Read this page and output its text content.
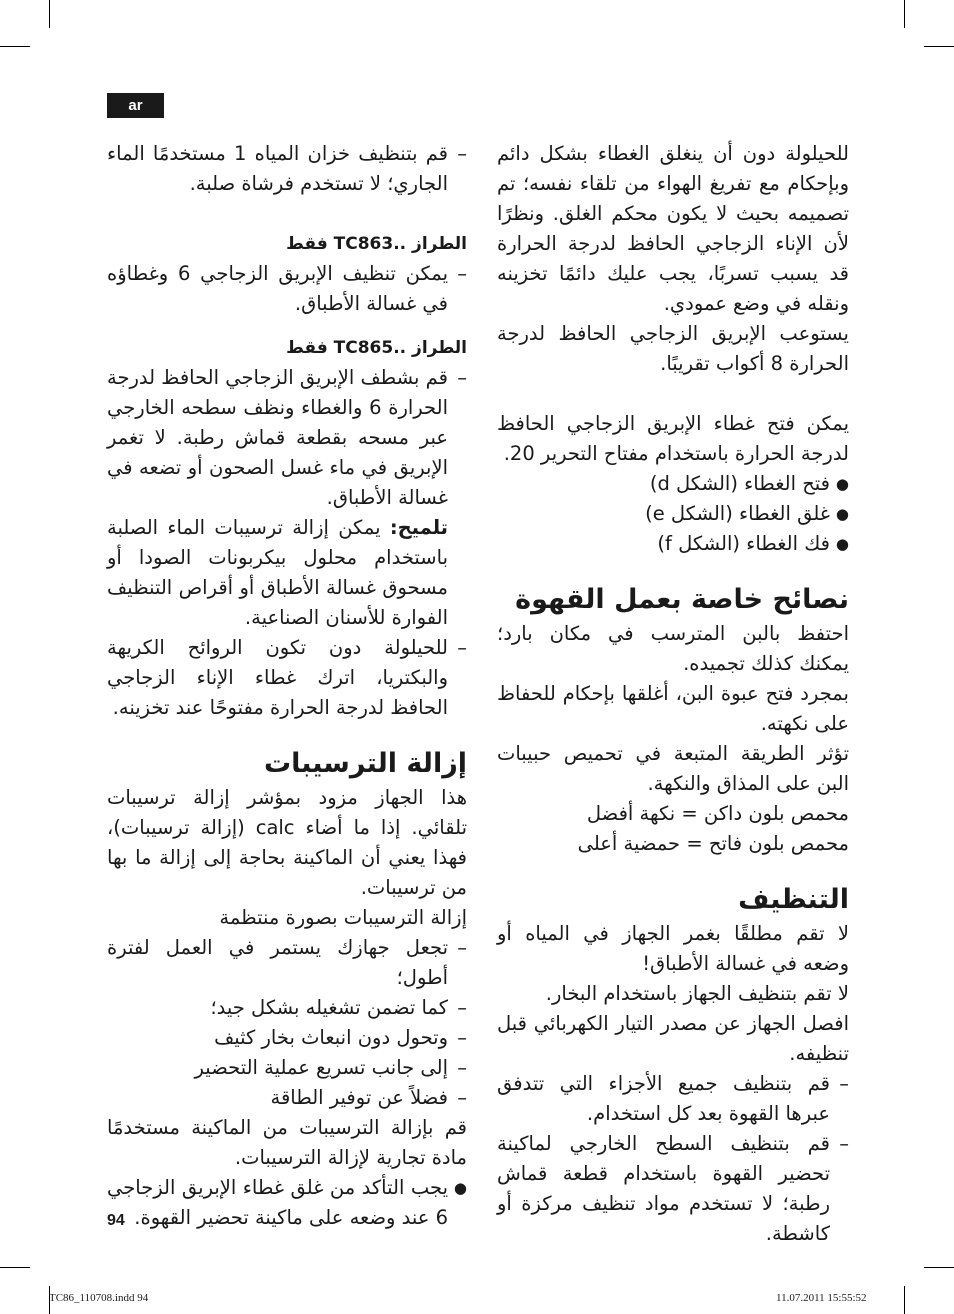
ar

للحيلولة دون أن ينغلق الغطاء بشكل دائم وبإحكام مع تفريغ الهواء من تلقاء نفسه؛ تم تصميمه بحيث لا يكون محكم الغلق. ونظرًا لأن الإناء الزجاجي الحافظ لدرجة الحرارة قد يسبب تسربًا، يجب عليك دائمًا تخزينه ونقله في وضع عمودي.

يستوعب الإبريق الزجاجي الحافظ لدرجة الحرارة 8 أكواب تقريبًا.

يمكن فتح غطاء الإبريق الزجاجي الحافظ لدرجة الحرارة باستخدام مفتاح التحرير 20.

●
فتح الغطاء (الشكل d)
●
غلق الغطاء (الشكل e)
●
فك الغطاء (الشكل f)
نصائح خاصة بعمل القهوة

احتفظ بالبن المترسب في مكان بارد؛ يمكنك كذلك تجميده.

بمجرد فتح عبوة البن، أغلقها بإحكام للحفاظ على نكهته.

تؤثر الطريقة المتبعة في تحميص حبيبات البن على المذاق والنكهة.

محمص بلون داكن = نكهة أفضل

محمص بلون فاتح = حمضية أعلى

التنظيف

لا تقم مطلقًا بغمر الجهاز في المياه أو وضعه في غسالة الأطباق!

لا تقم بتنظيف الجهاز باستخدام البخار.

افصل الجهاز عن مصدر التيار الكهربائي قبل تنظيفه.

–
قم بتنظيف جميع الأجزاء التي تتدفق عبرها القهوة بعد كل استخدام.
–
قم بتنظيف السطح الخارجي لماكينة تحضير القهوة باستخدام قطعة قماش رطبة؛ لا تستخدم مواد تنظيف مركزة أو كاشطة.
–
قم بتنظيف خزان المياه 1 مستخدمًا الماء الجاري؛ لا تستخدم فرشاة صلبة.
الطراز ..TC863 فقط
–
يمكن تنظيف الإبريق الزجاجي 6 وغطاؤه في غسالة الأطباق.
الطراز ..TC865 فقط
–
قم بشطف الإبريق الزجاجي الحافظ لدرجة الحرارة 6 والغطاء ونظف سطحه الخارجي عبر مسحه بقطعة قماش رطبة. لا تغمر الإبريق في ماء غسل الصحون أو تضعه في غسالة الأطباق.
تلميح: يمكن إزالة ترسيبات الماء الصلبة باستخدام محلول بيكربونات الصودا أو مسحوق غسالة الأطباق أو أقراص التنظيف الفوارة للأسنان الصناعية.
–
للحيلولة دون تكون الروائح الكريهة والبكتريا، اترك غطاء الإناء الزجاجي الحافظ لدرجة الحرارة مفتوحًا عند تخزينه.
إزالة الترسيبات

هذا الجهاز مزود بمؤشر إزالة ترسيبات تلقائي. إذا ما أضاء calc (إزالة ترسيبات)، فهذا يعني أن الماكينة بحاجة إلى إزالة ما بها من ترسيبات.

إزالة الترسيبات بصورة منتظمة

–
تجعل جهازك يستمر في العمل لفترة أطول؛
–
كما تضمن تشغيله بشكل جيد؛
–
وتحول دون انبعاث بخار كثيف
–
إلى جانب تسريع عملية التحضير
–
فضلاً عن توفير الطاقة

قم بإزالة الترسيبات من الماكينة مستخدمًا مادة تجارية لإزالة الترسيبات.

●
يجب التأكد من غلق غطاء الإبريق الزجاجي 6 عند وضعه على ماكينة تحضير القهوة.
94
TC86_110708.indd 94	11.07.2011 15:55:52
